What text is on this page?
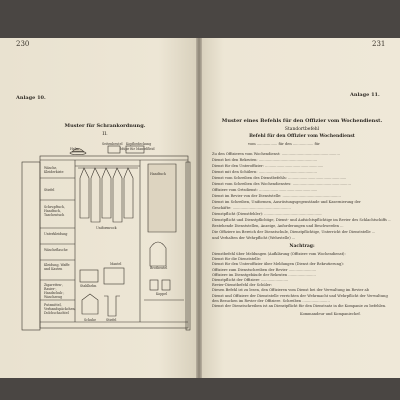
230
Anlage 10.
Muster für Schrankordnung.
II.
Seitenbeutel Kopfbedeckung
Müpe für Mantelfleid
Helm
Wäsche, Kleiderkiste
Stiefel
Schrupftuch, Handtuch, Taschentuch
Unterkleidung
Wäscheflasche
Kleidung, Waffe und Kasten
Zigaretten-, Rasier-, Handschuh-, Waschzeug
Putzmittel, Verbandspäckchen, Dolchschachtel
Uniformrock
Mantel
Stahlhelm
Schuhe	Stiefel
Handtuch
Brotbeutel
Koppel
231
Anlage 11.
Muster eines Befehls für den Offizier vom Wochendienst.
Standortbefehl
Befehl für den Offizier vom Wochendienst
vom .................. für den .................. für
Zu den Offizieren vom Wochendienst: ...................................................
Dienst bei den Rekruten: ...................................................
Dienst für den Unteroffizier: ...................................................
Dienst mit den Schülern: ...................................................
Dienst vom Schreiben des Dienstbefehls: ...................................................
Dienst vom Schreiben des Wochendienstes: ...................................................
Offiziere vom Ortsdienst: ...................................................
Dienst im Revier von der Dienststelle: ...................................................
Dienst im Schreiben, Uniformen, Ausrüstungsgegenstände und Kasernierung der
Geschäfte: ...................................................
Dienstpflicht (Dienstfehler): ...................................................
Dienstpflicht und Dienstpflichtige, Dienst- und Aufsichtspflichtige im Revier des Schlachtschiffs ...
Bestehende Dienststellen, Anzeige, Anforderungen und Beschwerden ...
Die Offiziere im Bereich der Dienstschule, Dienstpflichtige, Unterricht der Dienststelle ...
und Verhalten der Wehrpflicht (Wehrstelle) ...
Nachtrag:
Dienstbefehl über Meldungen (Aufklärung (Offiziere vom Wochendienst):
Dienst für die Dienststelle:
Dienst für den Unteroffizier über Meldungen (Dienst der Rekrutierung):
Offiziere zum Dienstschreiben der Revier ........................
Offiziere im Dienstgebäude der Rekruten ........................
Dienstpflicht der Offiziere ........................
Revier-Dienstbefehl der Schüler:
Diesen Befehl ist zu lesen, den Offizieren vom Dienst bei der Verwaltung im Revier ab
Dienst und Offiziere der Dienststelle verrichten der Wehrmacht und Wehrpflicht der Verwaltung
den Besuchen im Revier der Offiziere. Schreiben ........................
Dienst der Dienstschreiben ist an Dienstpflicht für den Dienstsatz in die Kompanie zu befehlen.
Kommandeur und Kompaniechef.
